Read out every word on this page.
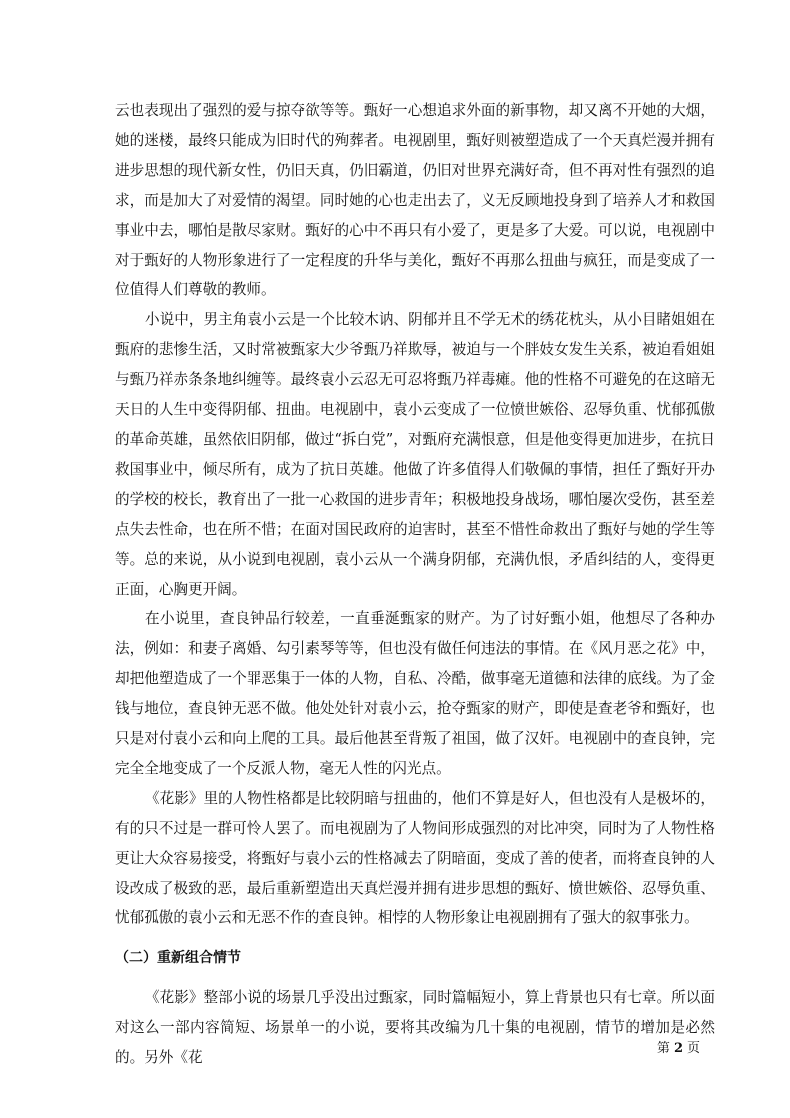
云也表现出了强烈的爱与掠夺欲等等。甄好一心想追求外面的新事物，却又离不开她的大烟，她的迷楼，最终只能成为旧时代的殉葬者。电视剧里，甄好则被塑造成了一个天真烂漫并拥有进步思想的现代新女性，仍旧天真，仍旧霸道，仍旧对世界充满好奇，但不再对性有强烈的追求，而是加大了对爱情的渴望。同时她的心也走出去了，义无反顾地投身到了培养人才和救国事业中去，哪怕是散尽家财。甄好的心中不再只有小爱了，更是多了大爱。可以说，电视剧中对于甄好的人物形象进行了一定程度的升华与美化，甄好不再那么扭曲与疯狂，而是变成了一位值得人们尊敬的教师。

小说中，男主角袁小云是一个比较木讷、阴郁并且不学无术的绣花枕头，从小目睹姐姐在甄府的悲惨生活，又时常被甄家大少爷甄乃祥欺辱，被迫与一个胖妓女发生关系，被迫看姐姐与甄乃祥赤条条地纠缠等。最终袁小云忍无可忍将甄乃祥毒瘫。他的性格不可避免的在这暗无天日的人生中变得阴郁、扭曲。电视剧中，袁小云变成了一位愤世嫉俗、忍辱负重、忧郁孤傲的革命英雄，虽然依旧阴郁，做过“拆白党”，对甄府充满恨意，但是他变得更加进步，在抗日救国事业中，倾尽所有，成为了抗日英雄。他做了许多值得人们敬佩的事情，担任了甄好开办的学校的校长，教育出了一批一心救国的进步青年；积极地投身战场，哪怕屡次受伤，甚至差点失去性命，也在所不惜；在面对国民政府的迫害时，甚至不惜性命救出了甄好与她的学生等等。总的来说，从小说到电视剧，袁小云从一个满身阴郁，充满仇恨，矛盾纠结的人，变得更正面，心胸更开阔。

在小说里，查良钟品行较差，一直垂涎甄家的财产。为了讨好甄小姐，他想尽了各种办法，例如：和妻子离婚、勾引素琴等等，但也没有做任何违法的事情。在《风月恶之花》中，却把他塑造成了一个罪恶集于一体的人物，自私、冷酷，做事毫无道德和法律的底线。为了金钱与地位，查良钟无恶不做。他处处针对袁小云，抢夺甄家的财产，即使是查老爷和甄好，也只是对付袁小云和向上爬的工具。最后他甚至背叛了祖国，做了汉奸。电视剧中的查良钟，完完全全地变成了一个反派人物，毫无人性的闪光点。

《花影》里的人物性格都是比较阴暗与扭曲的，他们不算是好人，但也没有人是极坏的，有的只不过是一群可怜人罢了。而电视剧为了人物间形成强烈的对比冲突，同时为了人物性格更让大众容易接受，将甄好与袁小云的性格减去了阴暗面，变成了善的使者，而将查良钟的人设改成了极致的恶，最后重新塑造出天真烂漫并拥有进步思想的甄好、愤世嫉俗、忍辱负重、忧郁孤傲的袁小云和无恶不作的查良钟。相悖的人物形象让电视剧拥有了强大的叙事张力。

（二）重新组合情节

《花影》整部小说的场景几乎没出过甄家，同时篇幅短小，算上背景也只有七章。所以面对这么一部内容简短、场景单一的小说，要将其改编为几十集的电视剧，情节的增加是必然的。另外《花

第 2 页
